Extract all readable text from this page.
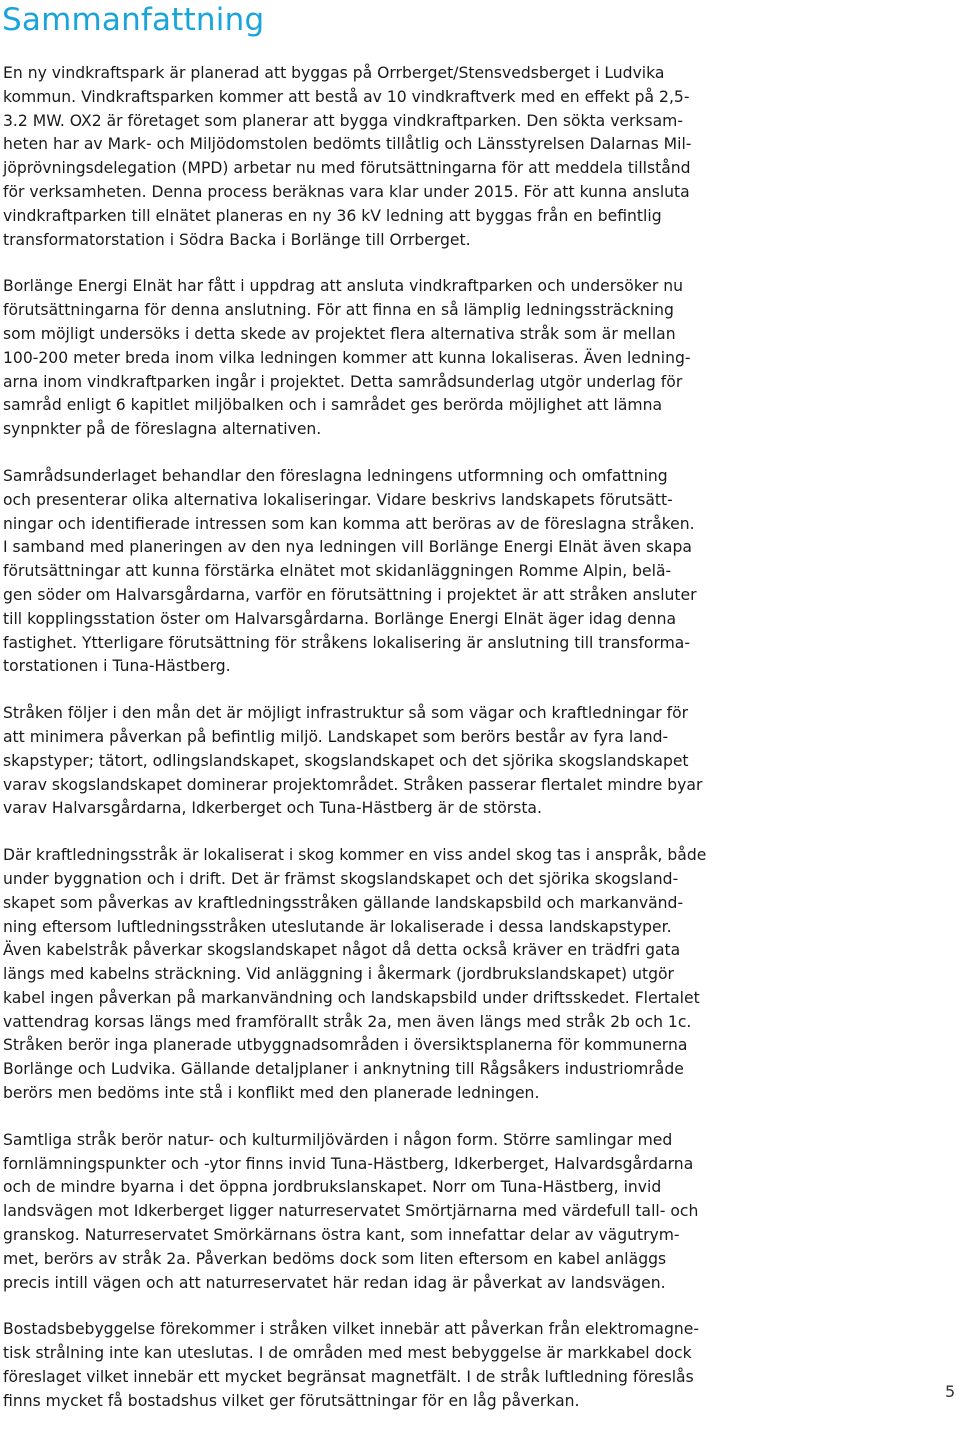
Sammanfattning

En ny vindkraftspark är planerad att byggas på Orrberget/Stensvedsberget i Ludvika
kommun. Vindkraftsparken kommer att bestå av 10 vindkraftverk med en effekt på 2,5-
3.2 MW. OX2 är företaget som planerar att bygga vindkraftparken. Den sökta verksam-
heten har av Mark- och Miljödomstolen bedömts tillåtlig och Länsstyrelsen Dalarnas Mil-
jöprövningsdelegation (MPD) arbetar nu med förutsättningarna för att meddela tillstånd
för verksamheten. Denna process beräknas vara klar under 2015. För att kunna ansluta
vindkraftparken till elnätet planeras en ny 36 kV ledning att byggas från en befintlig
transformatorstation i Södra Backa i Borlänge till Orrberget.

Borlänge Energi Elnät har fått i uppdrag att ansluta vindkraftparken och undersöker nu
förutsättningarna för denna anslutning. För att finna en så lämplig ledningssträckning
som möjligt undersöks i detta skede av projektet flera alternativa stråk som är mellan
100-200 meter breda inom vilka ledningen kommer att kunna lokaliseras. Även ledning-
arna inom vindkraftparken ingår i projektet. Detta samrådsunderlag utgör underlag för
samråd enligt 6 kapitlet miljöbalken och i samrådet ges berörda möjlighet att lämna
synpnkter på de föreslagna alternativen.

Samrådsunderlaget behandlar den föreslagna ledningens utformning och omfattning
och presenterar olika alternativa lokaliseringar. Vidare beskrivs landskapets förutsätt-
ningar och identifierade intressen som kan komma att beröras av de föreslagna stråken.
I samband med planeringen av den nya ledningen vill Borlänge Energi Elnät även skapa
förutsättningar att kunna förstärka elnätet mot skidanläggningen Romme Alpin, belä-
gen söder om Halvarsgårdarna, varför en förutsättning i projektet är att stråken ansluter
till kopplingsstation öster om Halvarsgårdarna. Borlänge Energi Elnät äger idag denna
fastighet. Ytterligare förutsättning för stråkens lokalisering är anslutning till transforma-
torstationen i Tuna-Hästberg.

Stråken följer i den mån det är möjligt infrastruktur så som vägar och kraftledningar för
att minimera påverkan på befintlig miljö. Landskapet som berörs består av fyra land-
skapstyper; tätort, odlingslandskapet, skogslandskapet och det sjörika skogslandskapet
varav skogslandskapet dominerar projektområdet. Stråken passerar flertalet mindre byar
varav Halvarsgårdarna, Idkerberget och Tuna-Hästberg är de största.

Där kraftledningsstråk är lokaliserat i skog kommer en viss andel skog tas i anspråk, både
under byggnation och i drift. Det är främst skogslandskapet och det sjörika skogsland-
skapet som påverkas av kraftledningsstråken gällande landskapsbild och markanvänd-
ning eftersom luftledningsstråken uteslutande är lokaliserade i dessa landskapstyper.
Även kabelstråk påverkar skogslandskapet något då detta också kräver en trädfri gata
längs med kabelns sträckning. Vid anläggning i åkermark (jordbrukslandskapet) utgör
kabel ingen påverkan på markanvändning och landskapsbild under driftsskedet. Flertalet
vattendrag korsas längs med framförallt stråk 2a, men även längs med stråk 2b och 1c.
Stråken berör inga planerade utbyggnadsområden i översiktsplanerna för kommunerna
Borlänge och Ludvika. Gällande detaljplaner i anknytning till Rågsåkers industriområde
berörs men bedöms inte stå i konflikt med den planerade ledningen.

Samtliga stråk berör natur- och kulturmiljövärden i någon form. Större samlingar med
fornlämningspunkter och -ytor finns invid Tuna-Hästberg, Idkerberget, Halvardsgårdarna
och de mindre byarna i det öppna jordbrukslanskapet. Norr om Tuna-Hästberg, invid
landsvägen mot Idkerberget ligger naturreservatet Smörtjärnarna med värdefull tall- och
granskog. Naturreservatet Smörkärnans östra kant, som innefattar delar av vägutrym-
met, berörs av stråk 2a. Påverkan bedöms dock som liten eftersom en kabel anläggs
precis intill vägen och att naturreservatet här redan idag är påverkat av landsvägen.

Bostadsbebyggelse förekommer i stråken vilket innebär att påverkan från elektromagne-
tisk strålning inte kan uteslutas. I de områden med mest bebyggelse är markkabel dock
föreslaget vilket innebär ett mycket begränsat magnetfält. I de stråk luftledning föreslås
finns mycket få bostadshus vilket ger förutsättningar för en låg påverkan.	5
